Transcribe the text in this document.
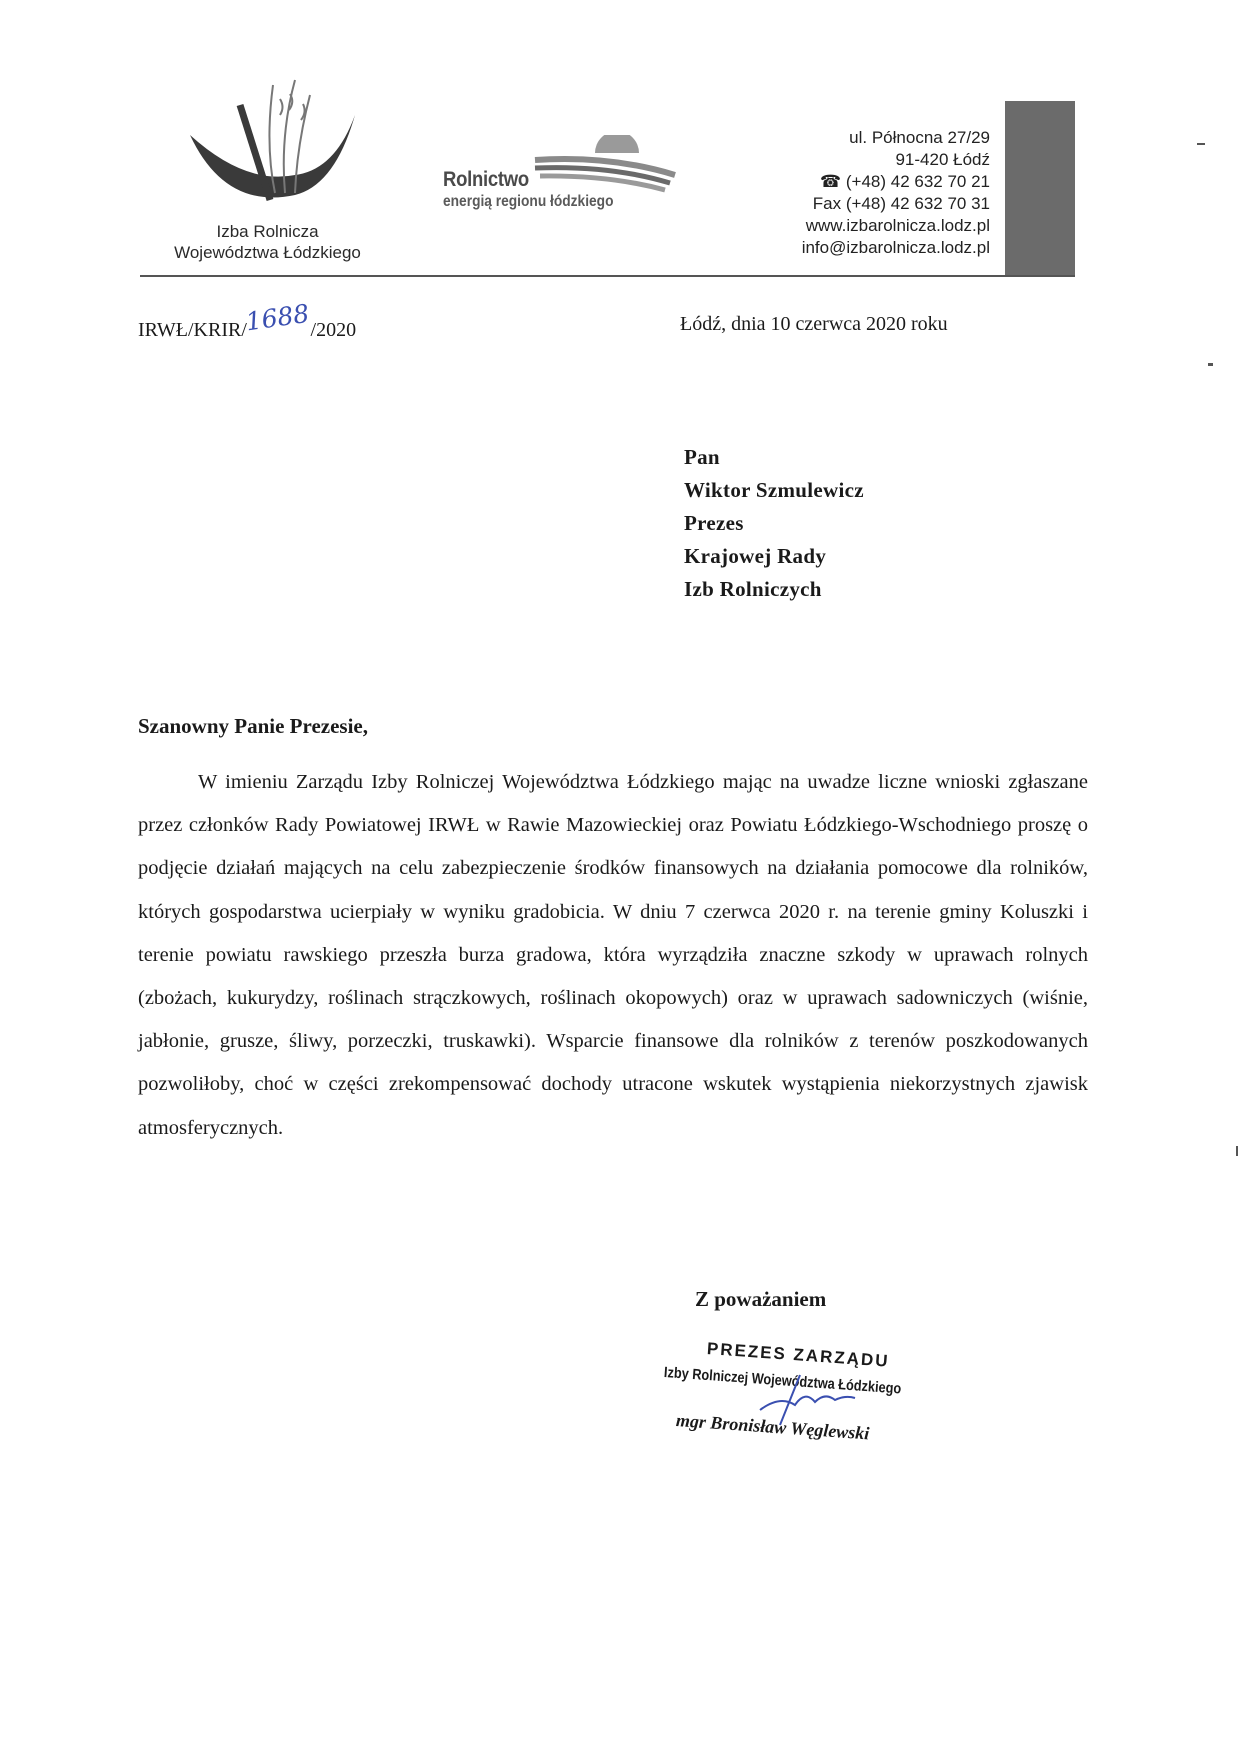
Izba Rolnicza
Województwa Łódzkiego
Rolnictwo
energią regionu łódzkiego
ul. Północna 27/29
91-420 Łódź
☎ (+48) 42 632 70 21
Fax (+48) 42 632 70 31
www.izbarolnicza.lodz.pl
info@izbarolnicza.lodz.pl
IRWŁ/KRIR/1688/2020	Łódź, dnia 10 czerwca 2020 roku
Pan
Wiktor Szmulewicz
Prezes
Krajowej Rady
Izb Rolniczych
Szanowny Panie Prezesie,
W imieniu Zarządu Izby Rolniczej Województwa Łódzkiego mając na uwadze liczne wnioski zgłaszane przez członków Rady Powiatowej IRWŁ w Rawie Mazowieckiej oraz Powiatu Łódzkiego-Wschodniego proszę o podjęcie działań mających na celu zabezpieczenie środków finansowych na działania pomocowe dla rolników, których gospodarstwa ucierpiały w wyniku gradobicia. W dniu 7 czerwca 2020 r. na terenie gminy Koluszki i terenie powiatu rawskiego przeszła burza gradowa, która wyrządziła znaczne szkody w uprawach rolnych (zbożach, kukurydzy, roślinach strączkowych, roślinach okopowych) oraz w uprawach sadowniczych (wiśnie, jabłonie, grusze, śliwy, porzeczki, truskawki). Wsparcie finansowe dla rolników z terenów poszkodowanych pozwoliłoby, choć w części zrekompensować dochody utracone wskutek wystąpienia niekorzystnych zjawisk atmosferycznych.
Z poważaniem
PREZES ZARZĄDU
Izby Rolniczej Województwa Łódzkiego
mgr Bronisław Węglewski
